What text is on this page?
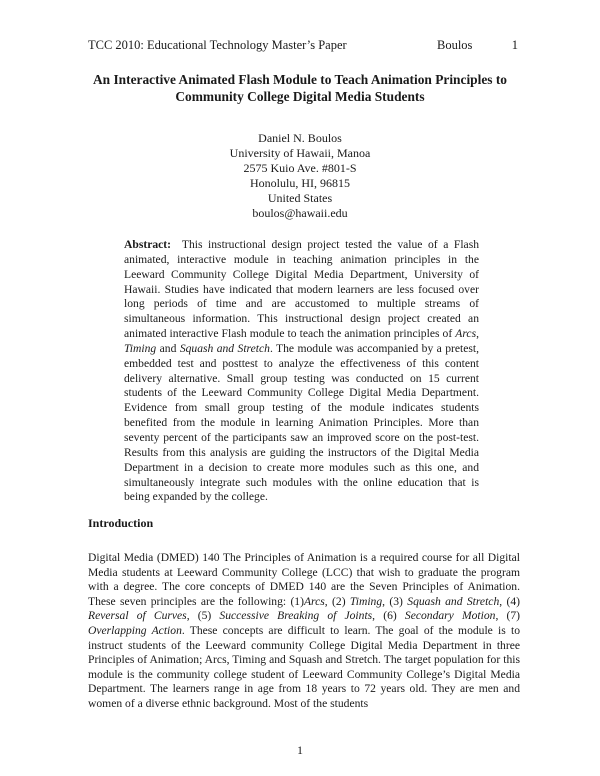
TCC 2010: Educational Technology Master’s Paper	Boulos	1
An Interactive Animated Flash Module to Teach Animation Principles to Community College Digital Media Students
Daniel N. Boulos
University of Hawaii, Manoa
2575 Kuio Ave. #801-S
Honolulu, HI, 96815
United States
boulos@hawaii.edu
Abstract: This instructional design project tested the value of a Flash animated, interactive module in teaching animation principles in the Leeward Community College Digital Media Department, University of Hawaii. Studies have indicated that modern learners are less focused over long periods of time and are accustomed to multiple streams of simultaneous information. This instructional design project created an animated interactive Flash module to teach the animation principles of Arcs, Timing and Squash and Stretch. The module was accompanied by a pretest, embedded test and posttest to analyze the effectiveness of this content delivery alternative. Small group testing was conducted on 15 current students of the Leeward Community College Digital Media Department. Evidence from small group testing of the module indicates students benefited from the module in learning Animation Principles. More than seventy percent of the participants saw an improved score on the post-test. Results from this analysis are guiding the instructors of the Digital Media Department in a decision to create more modules such as this one, and simultaneously integrate such modules with the online education that is being expanded by the college.
Introduction
Digital Media (DMED) 140 The Principles of Animation is a required course for all Digital Media students at Leeward Community College (LCC) that wish to graduate the program with a degree. The core concepts of DMED 140 are the Seven Principles of Animation. These seven principles are the following: (1)Arcs, (2) Timing, (3) Squash and Stretch, (4) Reversal of Curves, (5) Successive Breaking of Joints, (6) Secondary Motion, (7) Overlapping Action. These concepts are difficult to learn. The goal of the module is to instruct students of the Leeward community College Digital Media Department in three Principles of Animation; Arcs, Timing and Squash and Stretch. The target population for this module is the community college student of Leeward Community College’s Digital Media Department. The learners range in age from 18 years to 72 years old. They are men and women of a diverse ethnic background. Most of the students
1
